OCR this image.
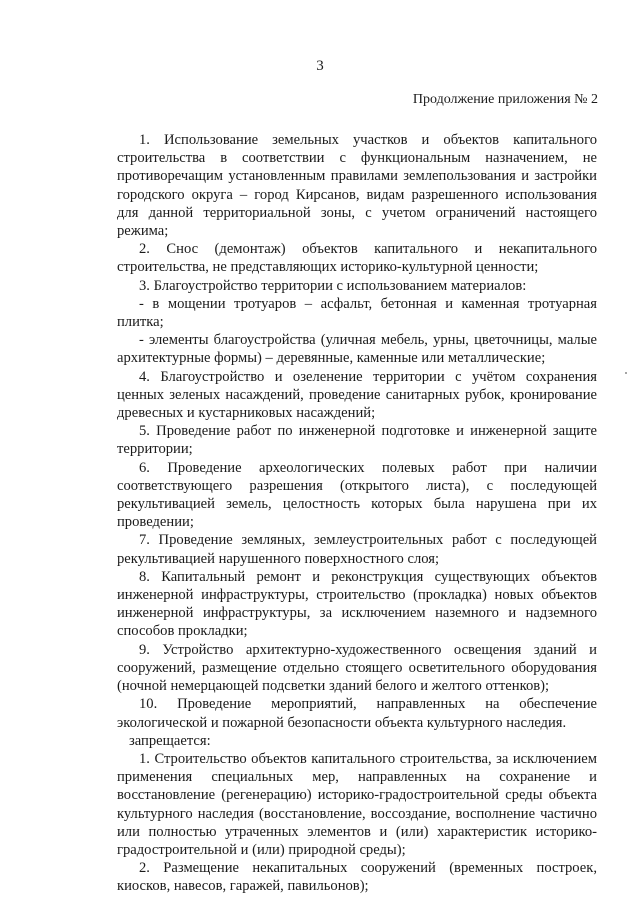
3
Продолжение приложения № 2

1. Использование земельных участков и объектов капитального строительства в соответствии с функциональным назначением, не противоречащим установленным правилами землепользования и застройки городского округа – город Кирсанов, видам разрешенного использования для данной территориальной зоны, с учетом ограничений настоящего режима;

2. Снос (демонтаж) объектов капитального и некапитального строительства, не представляющих историко-культурной ценности;

3. Благоустройство территории с использованием материалов:

- в мощении тротуаров – асфальт, бетонная и каменная тротуарная плитка;

- элементы благоустройства (уличная мебель, урны, цветочницы, малые архитектурные формы) – деревянные, каменные или металлические;

4. Благоустройство и озеленение территории с учётом сохранения ценных зеленых насаждений, проведение санитарных рубок, кронирование древесных и кустарниковых насаждений;

5. Проведение работ по инженерной подготовке и инженерной защите территории;

6. Проведение археологических полевых работ при наличии соответствующего разрешения (открытого листа), с последующей рекультивацией земель, целостность которых была нарушена при их проведении;

7. Проведение земляных, землеустроительных работ с последующей рекультивацией нарушенного поверхностного слоя;

8. Капитальный ремонт и реконструкция существующих объектов инженерной инфраструктуры, строительство (прокладка) новых объектов инженерной инфраструктуры, за исключением наземного и надземного способов прокладки;

9. Устройство архитектурно-художественного освещения зданий и сооружений, размещение отдельно стоящего осветительного оборудования (ночной немерцающей подсветки зданий белого и желтого оттенков);

10. Проведение мероприятий, направленных на обеспечение экологической и пожарной безопасности объекта культурного наследия.

запрещается:

1. Строительство объектов капитального строительства, за исключением применения специальных мер, направленных на сохранение и восстановление (регенерацию) историко-градостроительной среды объекта культурного наследия (восстановление, воссоздание, восполнение частично или полностью утраченных элементов и (или) характеристик историко-градостроительной и (или) природной среды);

2. Размещение некапитальных сооружений (временных построек, киосков, навесов, гаражей, павильонов);
